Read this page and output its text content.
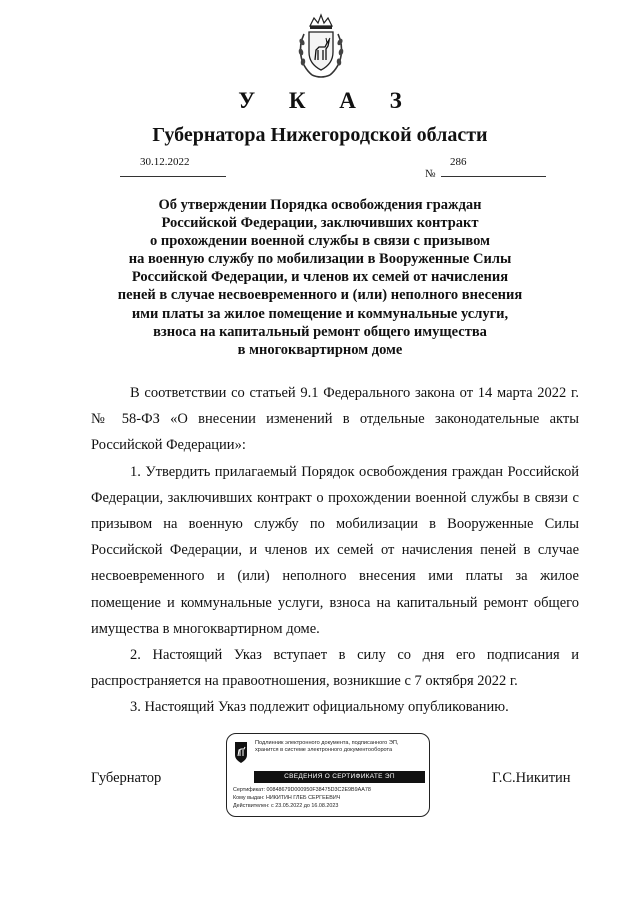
У К А З
Губернатора Нижегородской области
30.12.2022
№
286
Об утверждении Порядка освобождения граждан
Российской Федерации, заключивших контракт
о прохождении военной службы в связи с призывом
на военную службу по мобилизации в Вооруженные Силы
Российской Федерации, и членов их семей от начисления
пеней в случае несвоевременного и (или) неполного внесения
ими платы за жилое помещение и коммунальные услуги,
взноса на капитальный ремонт общего имущества
в многоквартирном доме

В соответствии со статьей 9.1 Федерального закона от 14 марта 2022 г. № 58-ФЗ «О внесении изменений в отдельные законодательные акты Российской Федерации»:

1. Утвердить прилагаемый Порядок освобождения граждан Российской Федерации, заключивших контракт о прохождении военной службы в связи с призывом на военную службу по мобилизации в Вооруженные Силы Российской Федерации, и членов их семей от начисления пеней в случае несвоевременного и (или) неполного внесения ими платы за жилое помещение и коммунальные услуги, взноса на капитальный ремонт общего имущества в многоквартирном доме.

2. Настоящий Указ вступает в силу со дня его подписания и распространяется на правоотношения, возникшие с 7 октября 2022 г.

3. Настоящий Указ подлежит официальному опубликованию.

Губернатор	Г.С.Никитин
Подлинник электронного документа, подписанного ЭП,
хранится в системе электронного документооборота
СВЕДЕНИЯ О СЕРТИФИКАТЕ ЭП
Сертификат: 00848679D000950F38475D3C2E9B9AA78
Кому выдан: НИКИТИН ГЛЕБ СЕРГЕЕВИЧ
Действителен: с 23.05.2022 до 16.08.2023
